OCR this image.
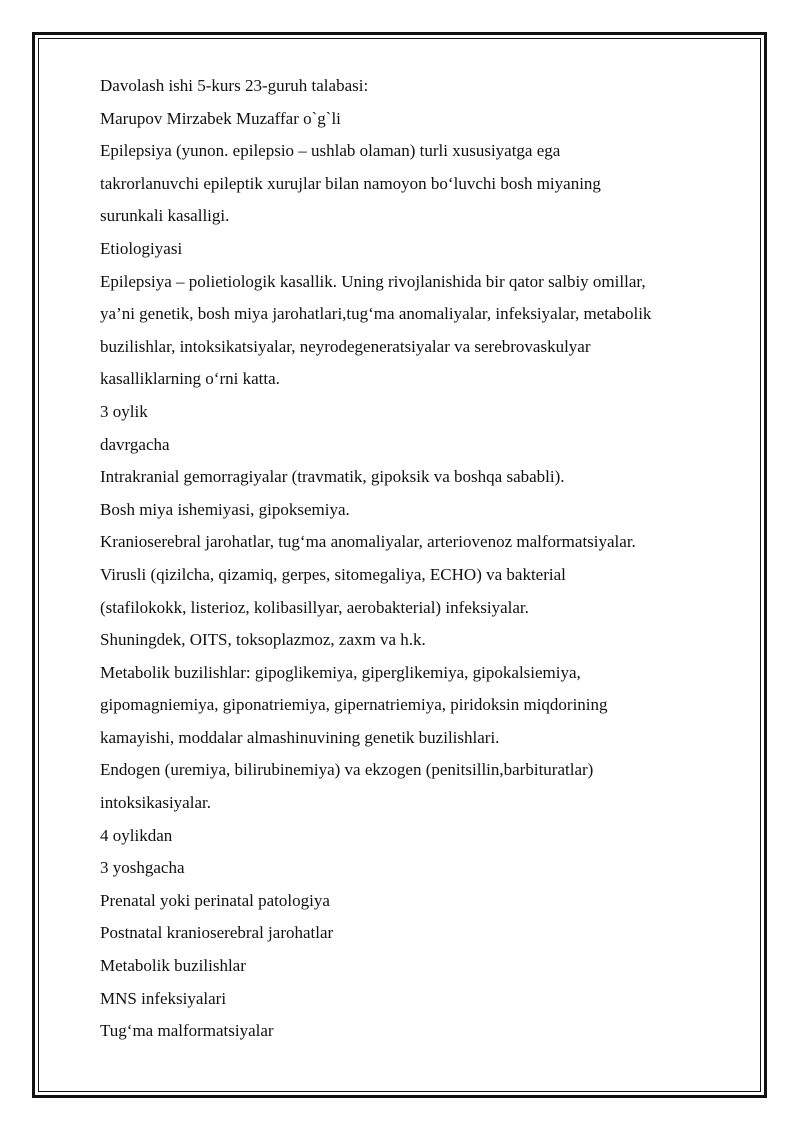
Davolash ishi 5-kurs 23-guruh talabasi:

Marupov Mirzabek Muzaffar o`g`li

Epilepsiya (yunon. epilepsio – ushlab olaman) turli xususiyatga ega

takrorlanuvchi epileptik xurujlar bilan namoyon bo‘luvchi bosh miyaning

surunkali kasalligi.

Etiologiyasi

Epilepsiya – polietiologik kasallik. Uning rivojlanishida bir qator salbiy omillar,

ya’ni genetik, bosh miya jarohatlari,tug‘ma anomaliyalar, infeksiyalar, metabolik

buzilishlar, intoksikatsiyalar, neyrodegeneratsiyalar va serebrovaskulyar

kasalliklarning o‘rni katta.

3 oylik

davrgacha

Intrakranial gemorragiyalar (travmatik, gipoksik va boshqa sababli).

Bosh miya ishemiyasi, gipoksemiya.

Kranioserebral jarohatlar, tug‘ma anomaliyalar, arteriovenoz malformatsiyalar.

Virusli (qizilcha, qizamiq, gerpes, sitomegaliya, ECHO) va bakterial

(stafilokokk, listerioz, kolibasillyar, aerobakterial) infeksiyalar.

Shuningdek, OITS, toksoplazmoz, zaxm va h.k.

Metabolik buzilishlar: gipoglikemiya, giperglikemiya, gipokalsiemiya,

gipomagniemiya, giponatriemiya, gipernatriemiya, piridoksin miqdorining

kamayishi, moddalar almashinuvining genetik buzilishlari.

Endogen (uremiya, bilirubinemiya) va ekzogen (penitsillin,barbituratlar)

intoksikasiyalar.

4 oylikdan

3 yoshgacha

Prenatal yoki perinatal patologiya

Postnatal kranioserebral jarohatlar

Metabolik buzilishlar

MNS infeksiyalari

Tug‘ma malformatsiyalar
